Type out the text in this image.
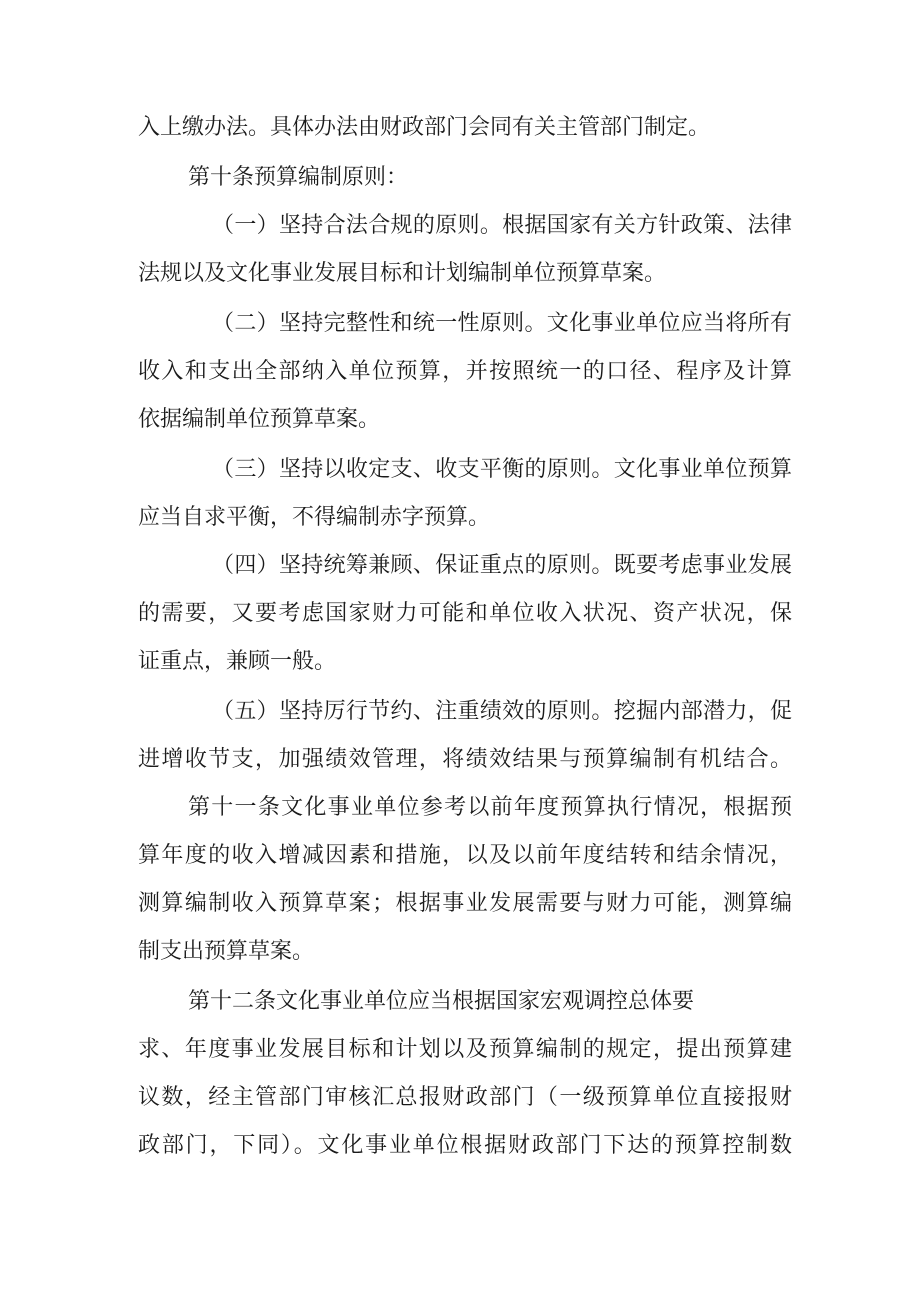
入上缴办法。具体办法由财政部门会同有关主管部门制定。
第十条预算编制原则：
（一）坚持合法合规的原则。根据国家有关方针政策、法律
法规以及文化事业发展目标和计划编制单位预算草案。
（二）坚持完整性和统一性原则。文化事业单位应当将所有
收入和支出全部纳入单位预算，并按照统一的口径、程序及计算
依据编制单位预算草案。
（三）坚持以收定支、收支平衡的原则。文化事业单位预算
应当自求平衡，不得编制赤字预算。
（四）坚持统筹兼顾、保证重点的原则。既要考虑事业发展
的需要，又要考虑国家财力可能和单位收入状况、资产状况，保
证重点，兼顾一般。
（五）坚持厉行节约、注重绩效的原则。挖掘内部潜力，促
进增收节支，加强绩效管理，将绩效结果与预算编制有机结合。
第十一条文化事业单位参考以前年度预算执行情况，根据预
算年度的收入增减因素和措施，以及以前年度结转和结余情况，
测算编制收入预算草案；根据事业发展需要与财力可能，测算编
制支出预算草案。
第十二条文化事业单位应当根据国家宏观调控总体要
求、年度事业发展目标和计划以及预算编制的规定，提出预算建
议数，经主管部门审核汇总报财政部门（一级预算单位直接报财
政部门，下同）。文化事业单位根据财政部门下达的预算控制数
